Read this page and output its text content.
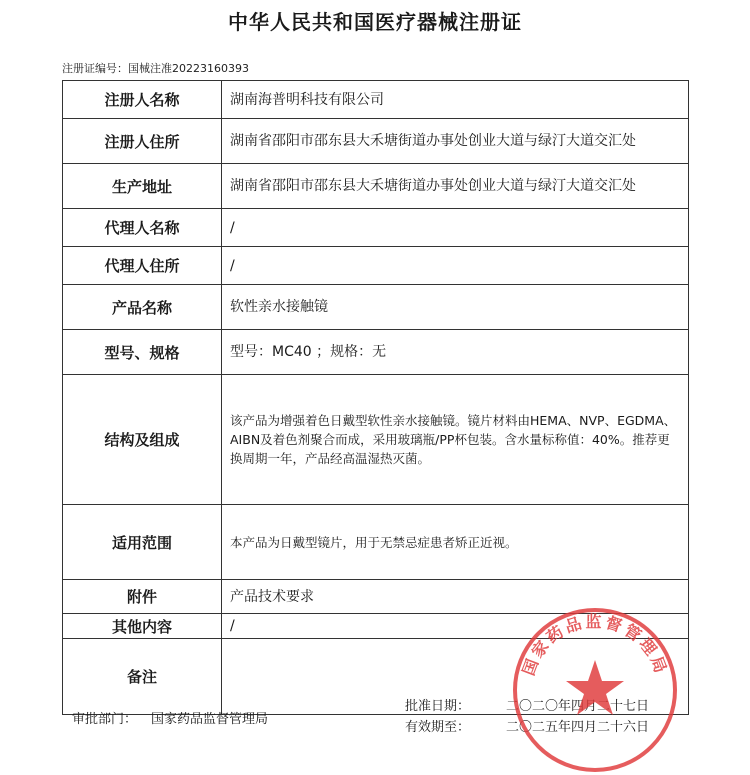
中华人民共和国医疗器械注册证
注册证编号：国械注准20223160393
注册人名称	湖南海普明科技有限公司
注册人住所	湖南省邵阳市邵东县大禾塘街道办事处创业大道与绿汀大道交汇处
生产地址	湖南省邵阳市邵东县大禾塘街道办事处创业大道与绿汀大道交汇处
代理人名称	/
代理人住所	/
产品名称	软性亲水接触镜
型号、规格	型号：MC40 ；规格：无
结构及组成	该产品为增强着色日戴型软性亲水接触镜。镜片材料由HEMA、NVP、EGDMA、AIBN及着色剂聚合而成，采用玻璃瓶/PP杯包装。含水量标称值：40%。推荐更换周期一年，产品经高温湿热灭菌。
适用范围	本产品为日戴型镜片，用于无禁忌症患者矫正近视。
附件	产品技术要求
其他内容	/
备注	
审批部门： 国家药品监督管理局
批准日期：	二〇二〇年四月二十七日
有效期至：	二〇二五年四月二十六日
国家药品监督管理局
